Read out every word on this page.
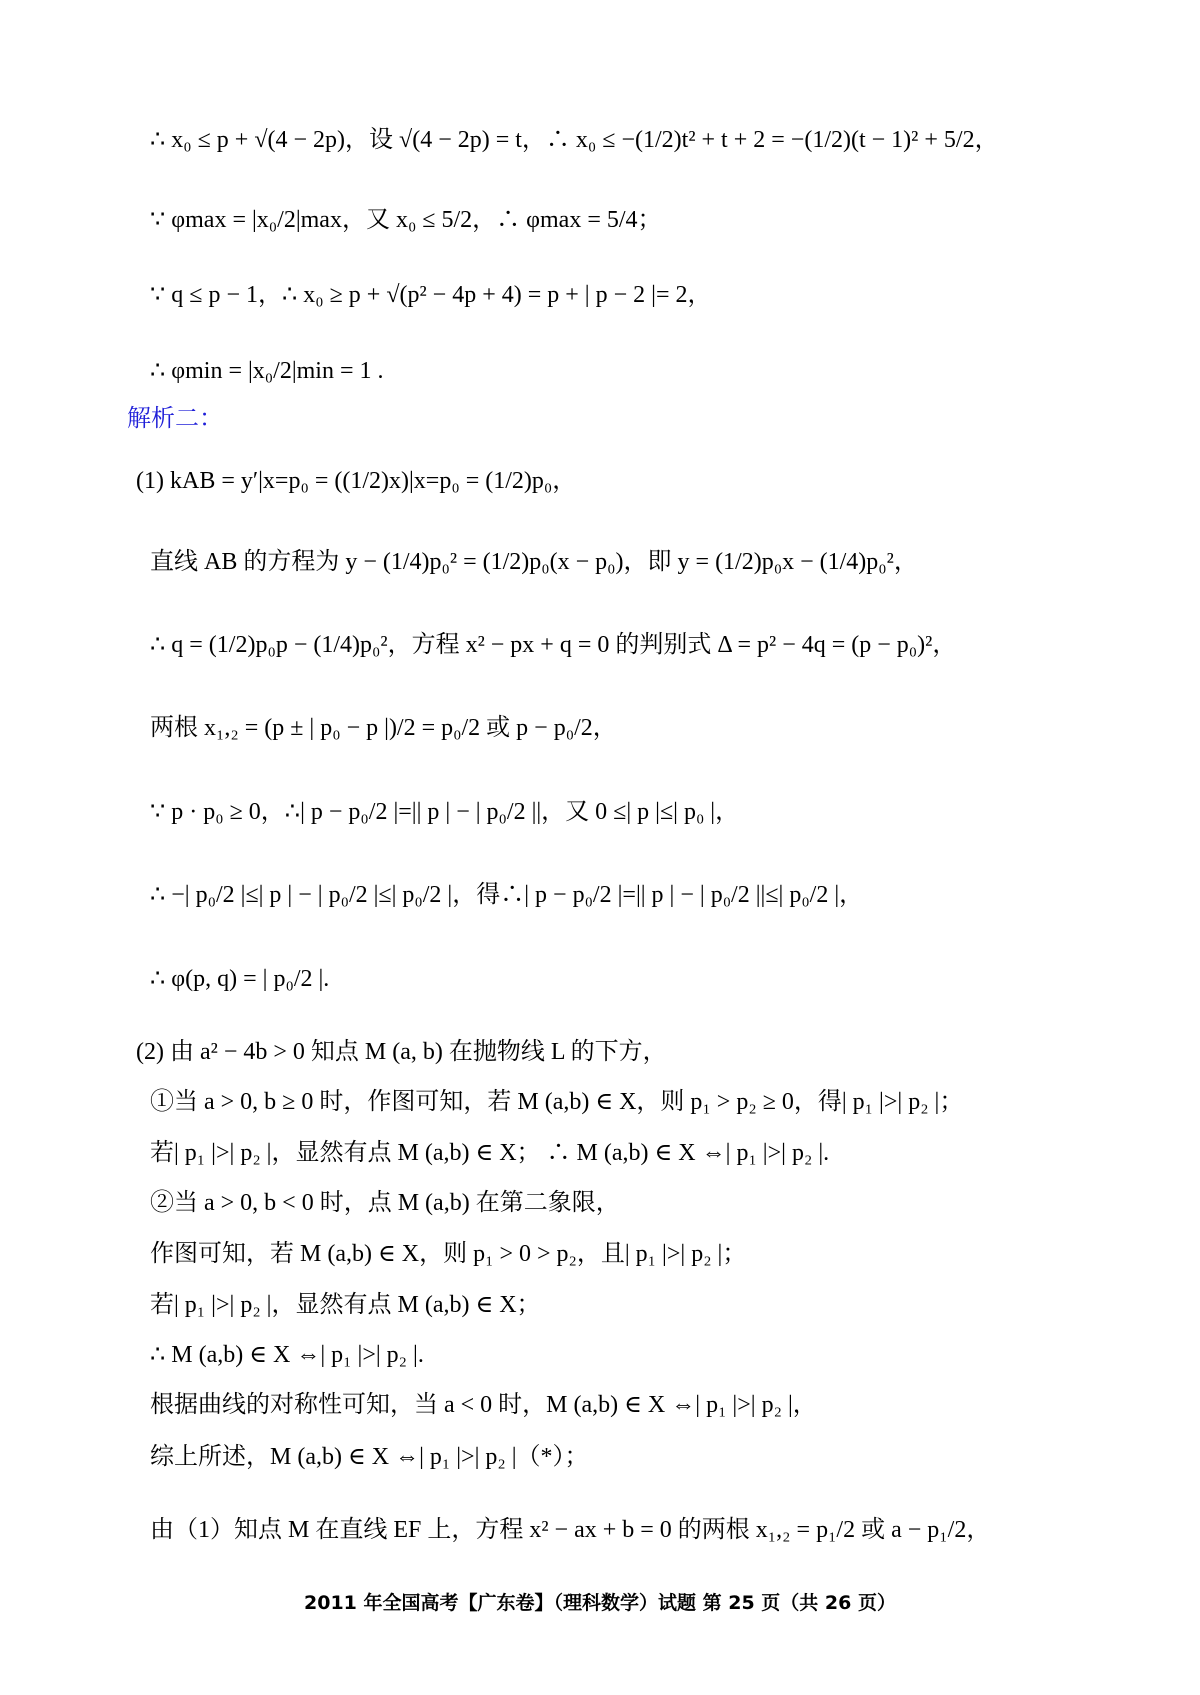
∴ x₀ ≤ p + √(4 − 2p)，设 √(4 − 2p) = t，∴ x₀ ≤ −(1/2)t² + t + 2 = −(1/2)(t − 1)² + 5/2，
∵ φmax = |x₀/2|max，又 x₀ ≤ 5/2，∴ φmax = 5/4；
∵ q ≤ p − 1，∴ x₀ ≥ p + √(p² − 4p + 4) = p + | p − 2 |= 2，
∴ φmin = |x₀/2|min = 1 .
解析二：
(1) kAB = y′|x=p₀ = ((1/2)x)|x=p₀ = (1/2)p₀，
直线 AB 的方程为 y − (1/4)p₀² = (1/2)p₀(x − p₀)，即 y = (1/2)p₀x − (1/4)p₀²，
∴ q = (1/2)p₀p − (1/4)p₀²，方程 x² − px + q = 0 的判别式 Δ = p² − 4q = (p − p₀)²，
两根 x₁,₂ = (p ± | p₀ − p |)/2 = p₀/2 或 p − p₀/2，
∵ p · p₀ ≥ 0，∴| p − p₀/2 |=|| p | − | p₀/2 ||，又 0 ≤| p |≤| p₀ |，
∴ −| p₀/2 |≤| p | − | p₀/2 |≤| p₀/2 |，得∴| p − p₀/2 |=|| p | − | p₀/2 ||≤| p₀/2 |，
∴ φ(p, q) = | p₀/2 |.
(2) 由 a² − 4b > 0 知点 M (a, b) 在抛物线 L 的下方，
①当 a > 0, b ≥ 0 时，作图可知，若 M (a,b) ∈ X，则 p₁ > p₂ ≥ 0，得| p₁ |>| p₂ |；
若| p₁ |>| p₂ |，显然有点 M (a,b) ∈ X； ∴ M (a,b) ∈ X ⇔| p₁ |>| p₂ |.
②当 a > 0, b < 0 时，点 M (a,b) 在第二象限，
作图可知，若 M (a,b) ∈ X，则 p₁ > 0 > p₂，且| p₁ |>| p₂ |；
若| p₁ |>| p₂ |，显然有点 M (a,b) ∈ X；
∴ M (a,b) ∈ X ⇔| p₁ |>| p₂ |.
根据曲线的对称性可知，当 a < 0 时，M (a,b) ∈ X ⇔| p₁ |>| p₂ |，
综上所述，M (a,b) ∈ X ⇔| p₁ |>| p₂ |（*）；
由（1）知点 M 在直线 EF 上，方程 x² − ax + b = 0 的两根 x₁,₂ = p₁/2 或 a − p₁/2，
2011 年全国高考【广东卷】（理科数学）试题 第 25 页（共 26 页）
